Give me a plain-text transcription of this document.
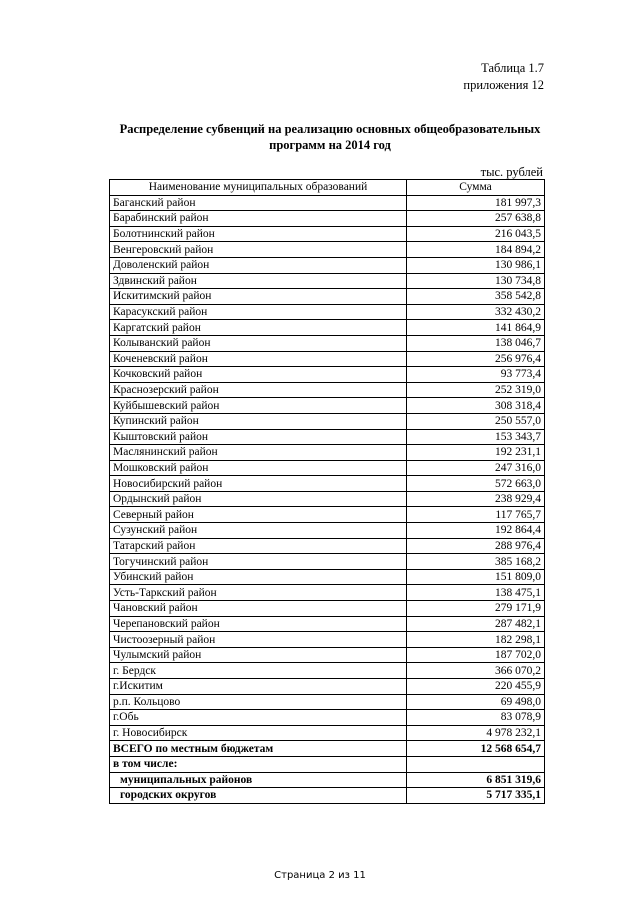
Таблица 1.7
приложения 12
Распределение субвенций на реализацию основных общеобразовательных
программ на 2014 год
тыс. рублей
Наименование муниципальных образований	Сумма
Баганский район	181 997,3
Барабинский район	257 638,8
Болотнинский район	216 043,5
Венгеровский район	184 894,2
Доволенский район	130 986,1
Здвинский район	130 734,8
Искитимский район	358 542,8
Карасукский район	332 430,2
Каргатский район	141 864,9
Колыванский район	138 046,7
Коченевский район	256 976,4
Кочковский район	93 773,4
Краснозерский район	252 319,0
Куйбышевский район	308 318,4
Купинский район	250 557,0
Кыштовский район	153 343,7
Маслянинский район	192 231,1
Мошковский район	247 316,0
Новосибирский район	572 663,0
Ордынский район	238 929,4
Северный район	117 765,7
Сузунский район	192 864,4
Татарский район	288 976,4
Тогучинский район	385 168,2
Убинский район	151 809,0
Усть-Таркский район	138 475,1
Чановский район	279 171,9
Черепановский район	287 482,1
Чистоозерный район	182 298,1
Чулымский район	187 702,0
г. Бердск	366 070,2
г.Искитим	220 455,9
р.п. Кольцово	69 498,0
г.Обь	83 078,9
г. Новосибирск	4 978 232,1
ВСЕГО по местным бюджетам	12 568 654,7
в том числе:	
муниципальных районов	6 851 319,6
городских округов	5 717 335,1
Страница 2 из 11
